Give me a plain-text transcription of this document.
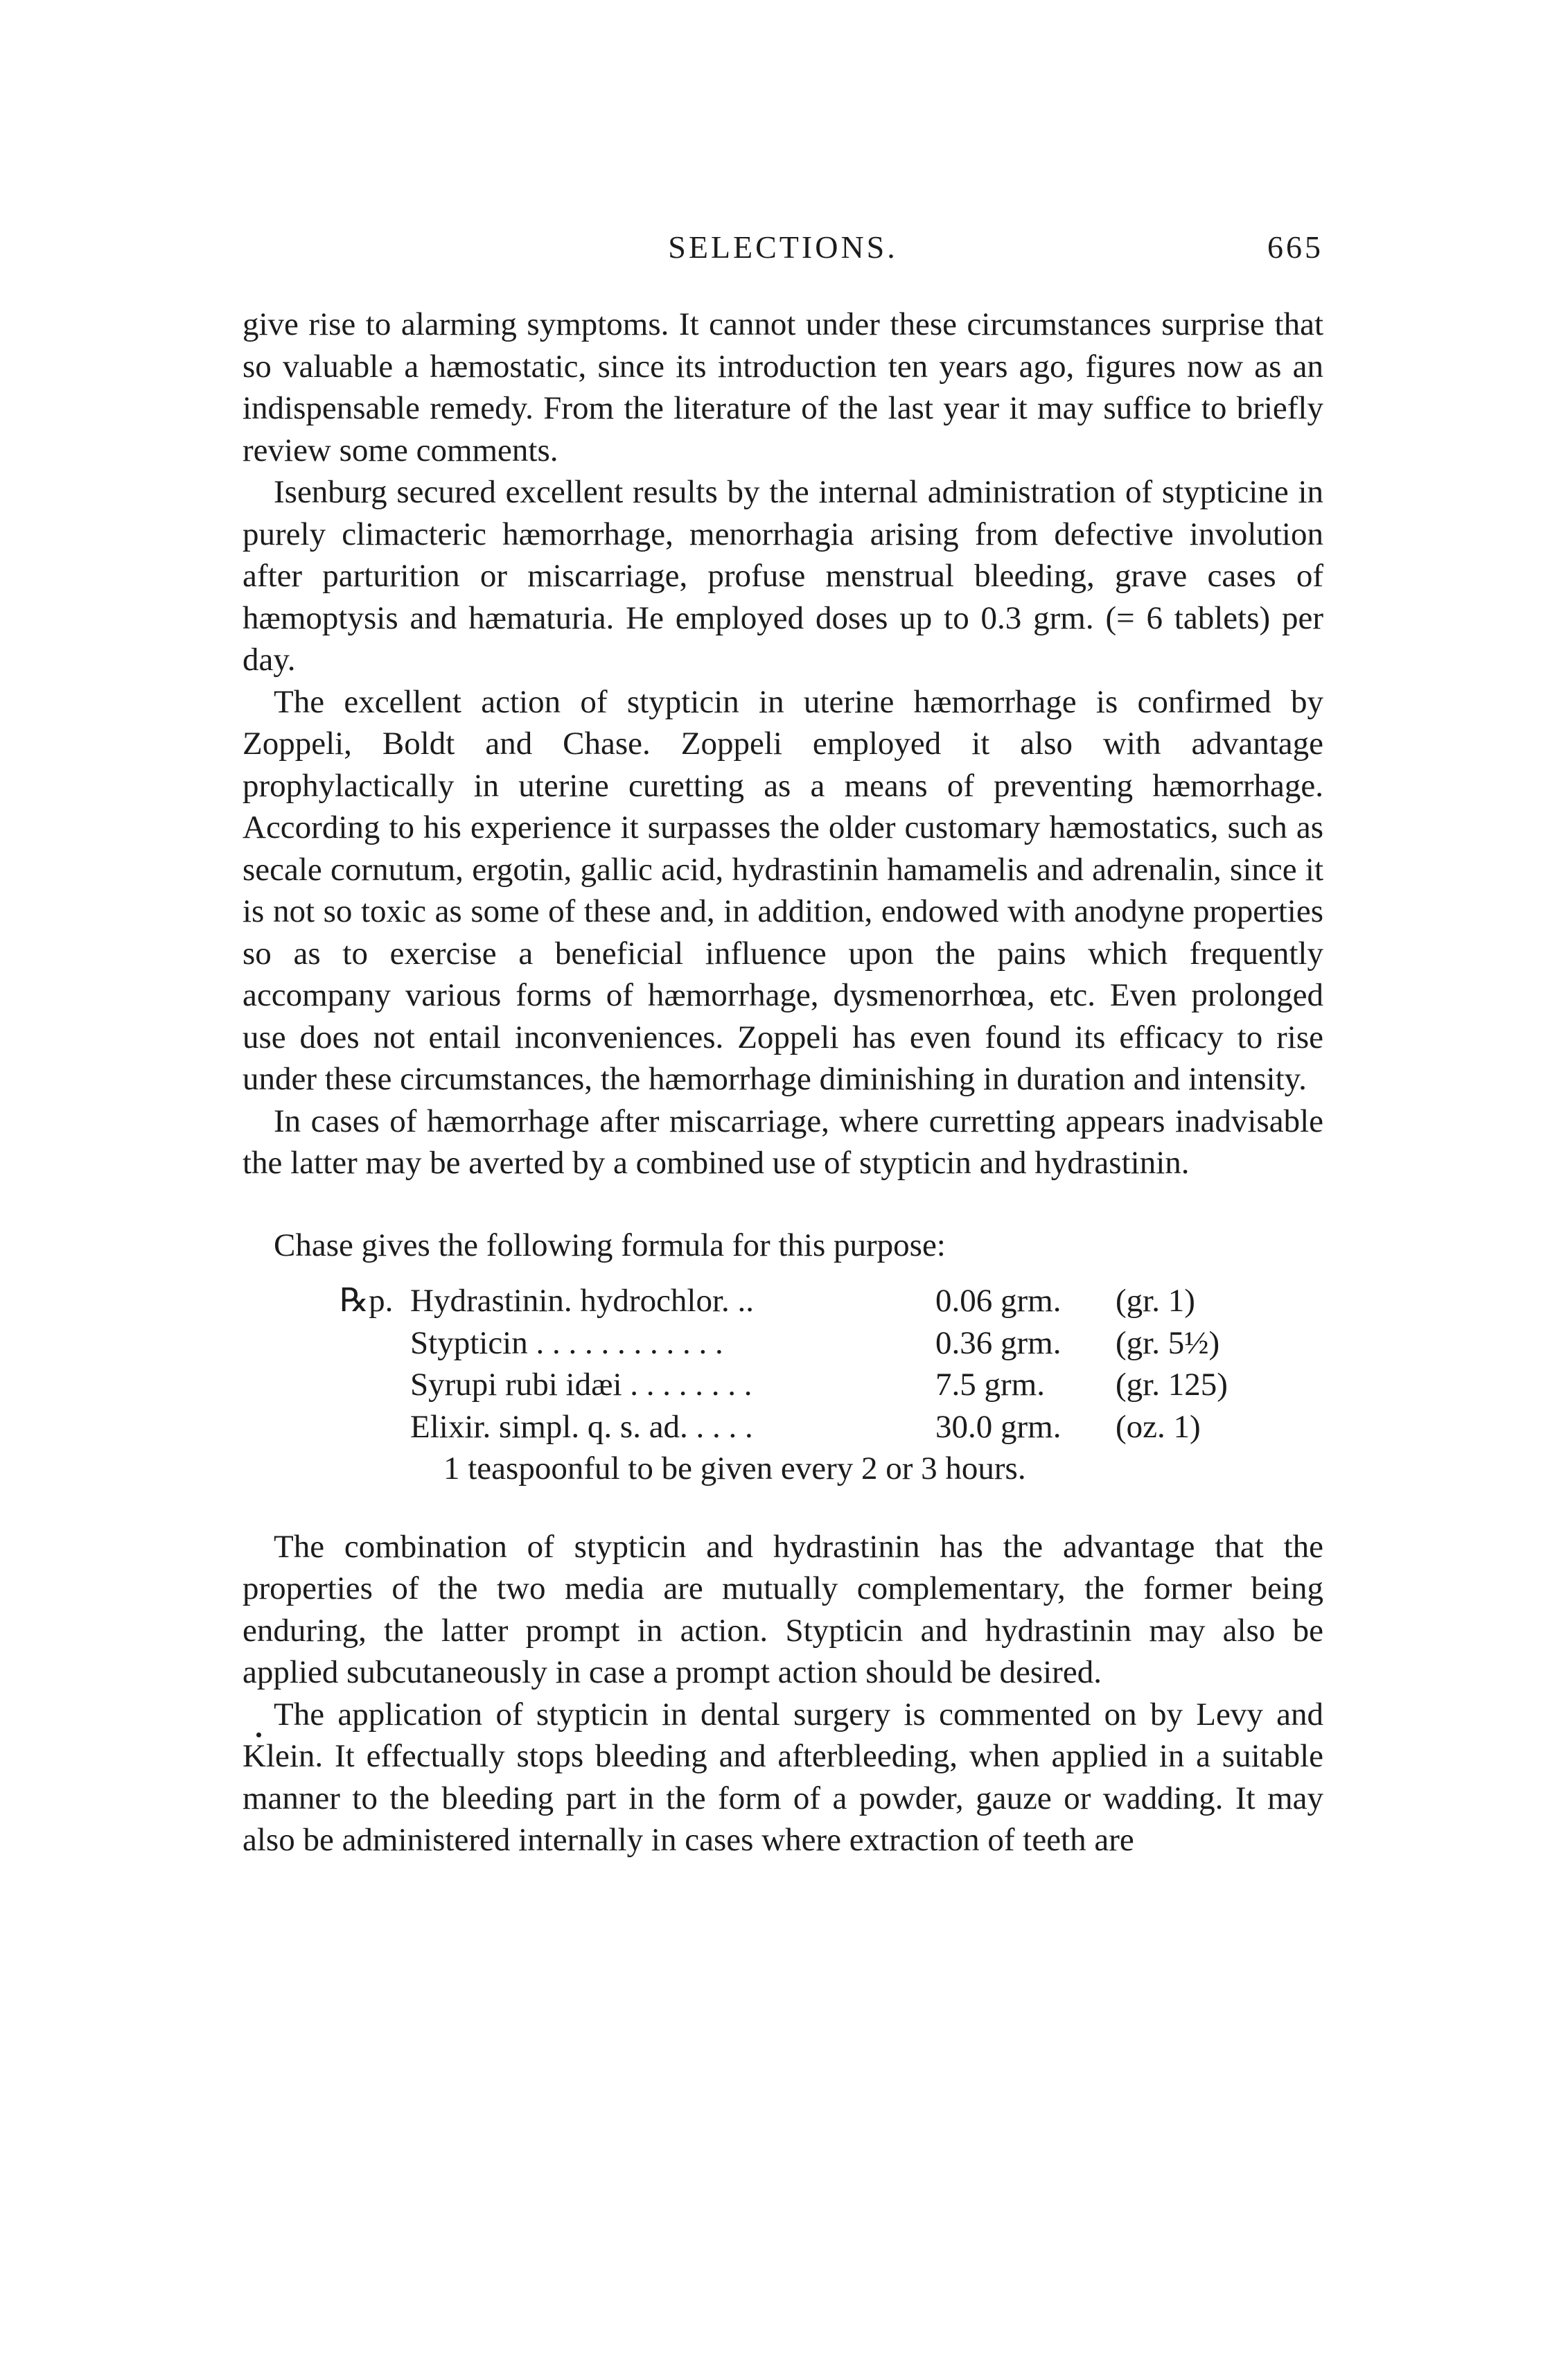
SELECTIONS.	665

give rise to alarming symptoms. It cannot under these circumstances surprise that so valuable a hæmostatic, since its introduction ten years ago, figures now as an indispensable remedy. From the literature of the last year it may suffice to briefly review some comments.

Isenburg secured excellent results by the internal administration of stypticine in purely climacteric hæmorrhage, menorrhagia arising from defective involution after parturition or miscarriage, profuse menstrual bleeding, grave cases of hæmoptysis and hæmaturia. He employed doses up to 0.3 grm. (= 6 tablets) per day.

The excellent action of stypticin in uterine hæmorrhage is confirmed by Zoppeli, Boldt and Chase. Zoppeli employed it also with advantage prophylactically in uterine curetting as a means of preventing hæmorrhage. According to his experience it surpasses the older customary hæmostatics, such as secale cornutum, ergotin, gallic acid, hydrastinin hamamelis and adrenalin, since it is not so toxic as some of these and, in addition, endowed with anodyne properties so as to exercise a beneficial influence upon the pains which frequently accompany various forms of hæmorrhage, dysmenorrhœa, etc. Even prolonged use does not entail inconveniences. Zoppeli has even found its efficacy to rise under these circumstances, the hæmorrhage diminishing in duration and intensity.

In cases of hæmorrhage after miscarriage, where curretting appears inadvisable the latter may be averted by a combined use of stypticin and hydrastinin.

Chase gives the following formula for this purpose:

℞p. Hydrastinin. hydrochlor. ..	0.06 grm. (gr. 1)
Stypticin . . . . . . . . . . . .	0.36 grm. (gr. 5½)
Syrupi rubi idæi . . . . . . . .	7.5 grm. (gr. 125)
Elixir. simpl. q. s. ad. . . . .	30.0 grm. (oz. 1)
1 teaspoonful to be given every 2 or 3 hours.

The combination of stypticin and hydrastinin has the advantage that the properties of the two media are mutually complementary, the former being enduring, the latter prompt in action. Stypticin and hydrastinin may also be applied subcutaneously in case a prompt action should be desired.

The application of stypticin in dental surgery is commented on by Levy and Klein. It effectually stops bleeding and afterbleeding, when applied in a suitable manner to the bleeding part in the form of a powder, gauze or wadding. It may also be administered internally in cases where extraction of teeth are
